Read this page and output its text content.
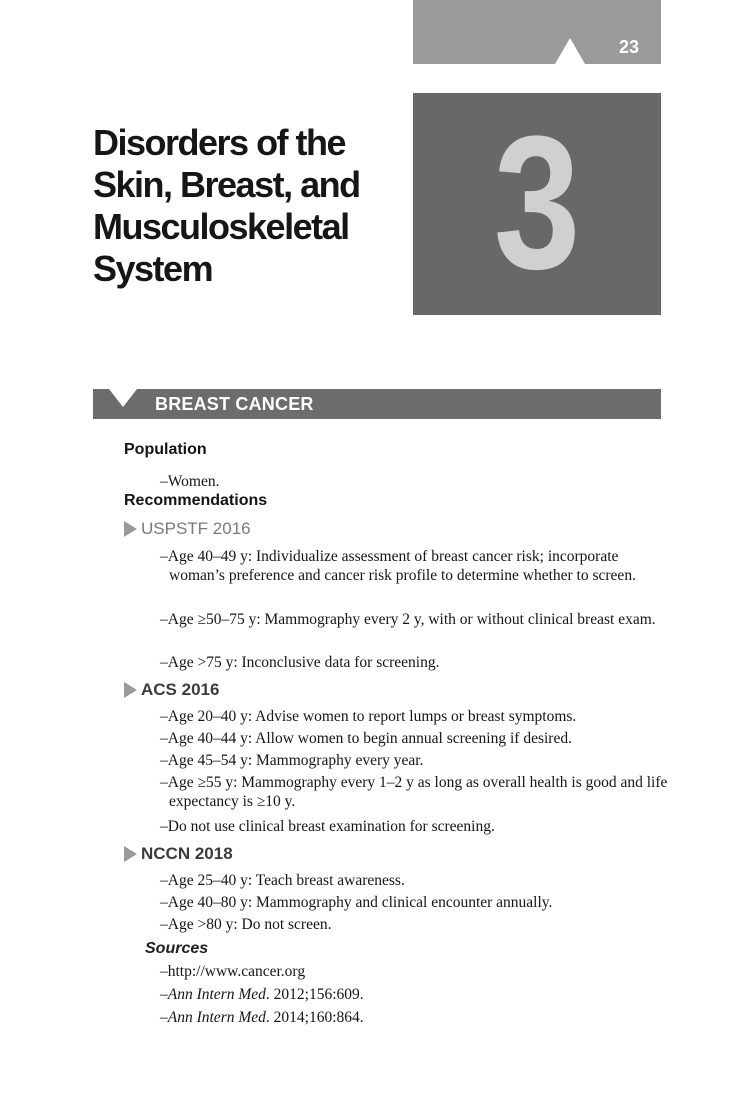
23
Disorders of the Skin, Breast, and Musculoskeletal System	3
BREAST CANCER
Population

–Women.

Recommendations
USPSTF 2016

–Age 40–49 y: Individualize assessment of breast cancer risk; incorporate woman’s preference and cancer risk profile to determine whether to screen.

–Age ≥50–75 y: Mammography every 2 y, with or without clinical breast exam.

–Age >75 y: Inconclusive data for screening.

ACS 2016

–Age 20–40 y: Advise women to report lumps or breast symptoms.

–Age 40–44 y: Allow women to begin annual screening if desired.

–Age 45–54 y: Mammography every year.

–Age ≥55 y: Mammography every 1–2 y as long as overall health is good and life expectancy is ≥10 y.

–Do not use clinical breast examination for screening.

NCCN 2018

–Age 25–40 y: Teach breast awareness.

–Age 40–80 y: Mammography and clinical encounter annually.

–Age >80 y: Do not screen.

Sources

–http://www.cancer.org

–Ann Intern Med. 2012;156:609.

–Ann Intern Med. 2014;160:864.
